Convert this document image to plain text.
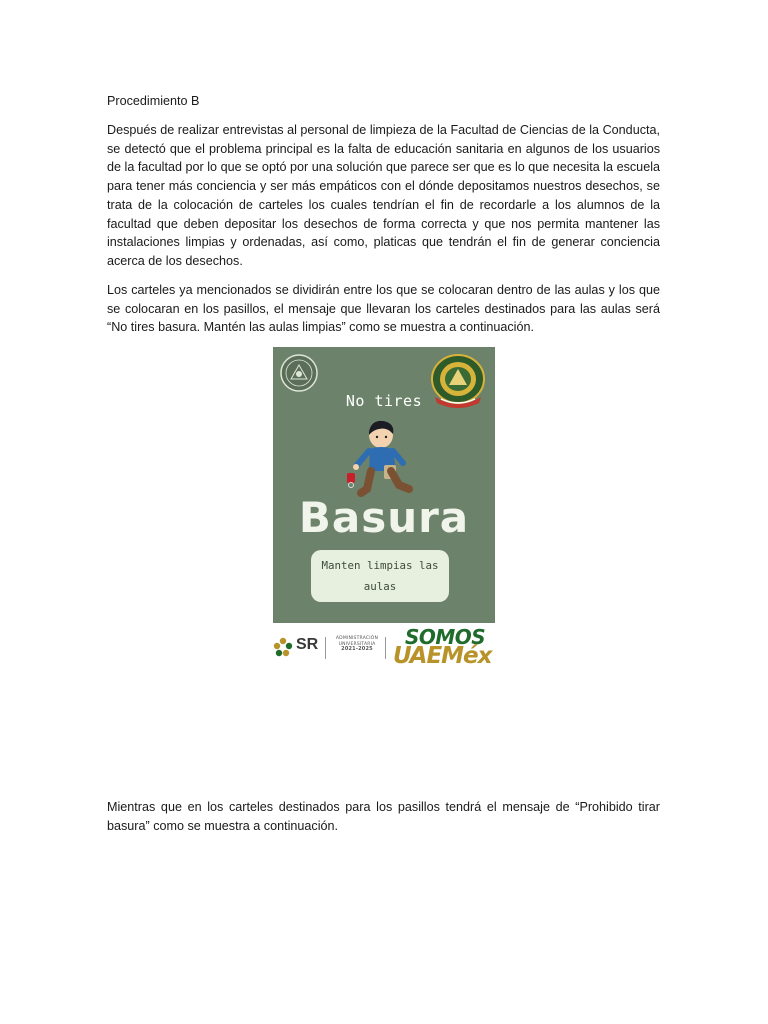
Procedimiento B

Después de realizar entrevistas al personal de limpieza de la Facultad de Ciencias de la Conducta, se detectó que el problema principal es la falta de educación sanitaria en algunos de los usuarios de la facultad por lo que se optó por una solución que parece ser que es lo que necesita la escuela para tener más conciencia y ser más empáticos con el dónde depositamos nuestros desechos, se trata de la colocación de carteles los cuales tendrían el fin de recordarle a los alumnos de la facultad que deben depositar los desechos de forma correcta y que nos permita mantener las instalaciones limpias y ordenadas, así como, platicas que tendrán el fin de generar conciencia acerca de los desechos.

Los carteles ya mencionados se dividirán entre los que se colocaran dentro de las aulas y los que se colocaran en los pasillos, el mensaje que llevaran los carteles destinados para las aulas será “No tires basura. Mantén las aulas limpias” como se muestra a continuación.

No tires
Basura
Manten limpias las aulas
SR	ADMINISTRACIÓN
UNIVERSITARIA
2021-2025	SOMOS
UAEMéx

Mientras que en los carteles destinados para los pasillos tendrá el mensaje de “Prohibido tirar basura” como se muestra a continuación.
